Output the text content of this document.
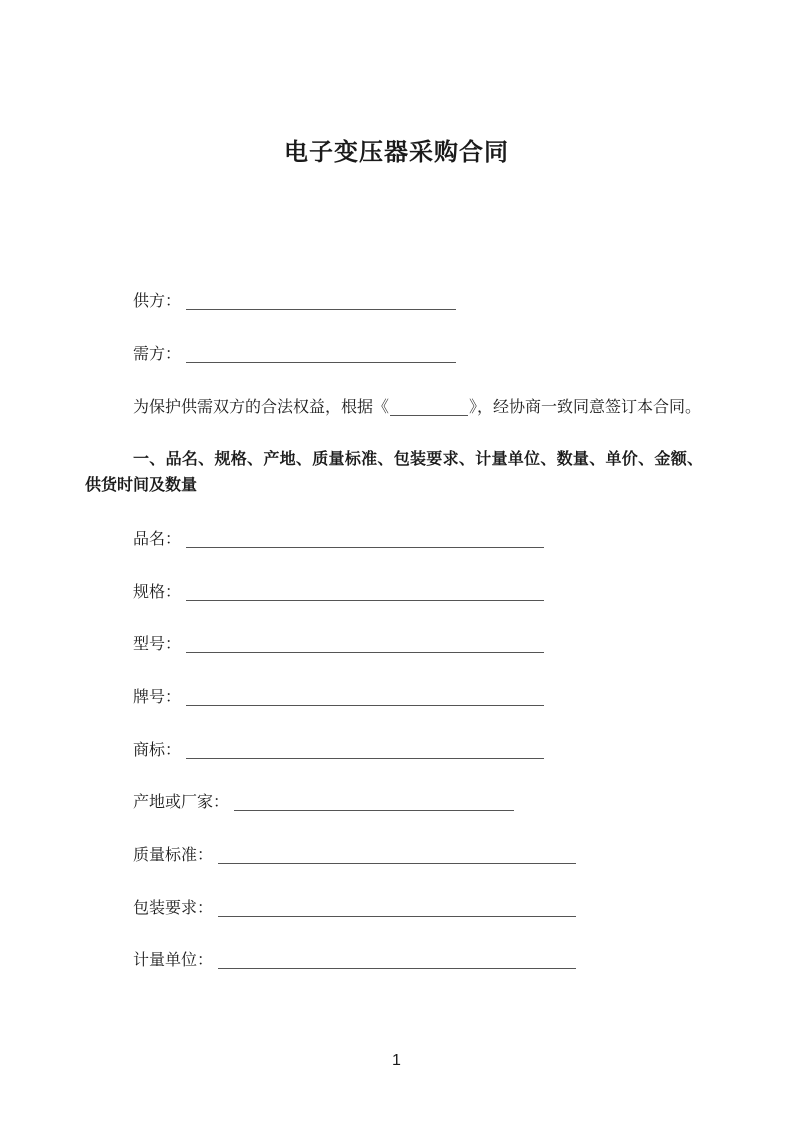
电子变压器采购合同
供方：
需方：
为保护供需双方的合法权益，根据《	》，经协商一致同意签订本合同。
一、品名、规格、产地、质量标准、包装要求、计量单位、数量、单价、金额、供货时间及数量
品名：
规格：
型号：
牌号：
商标：
产地或厂家：
质量标准：
包装要求：
计量单位：
1
